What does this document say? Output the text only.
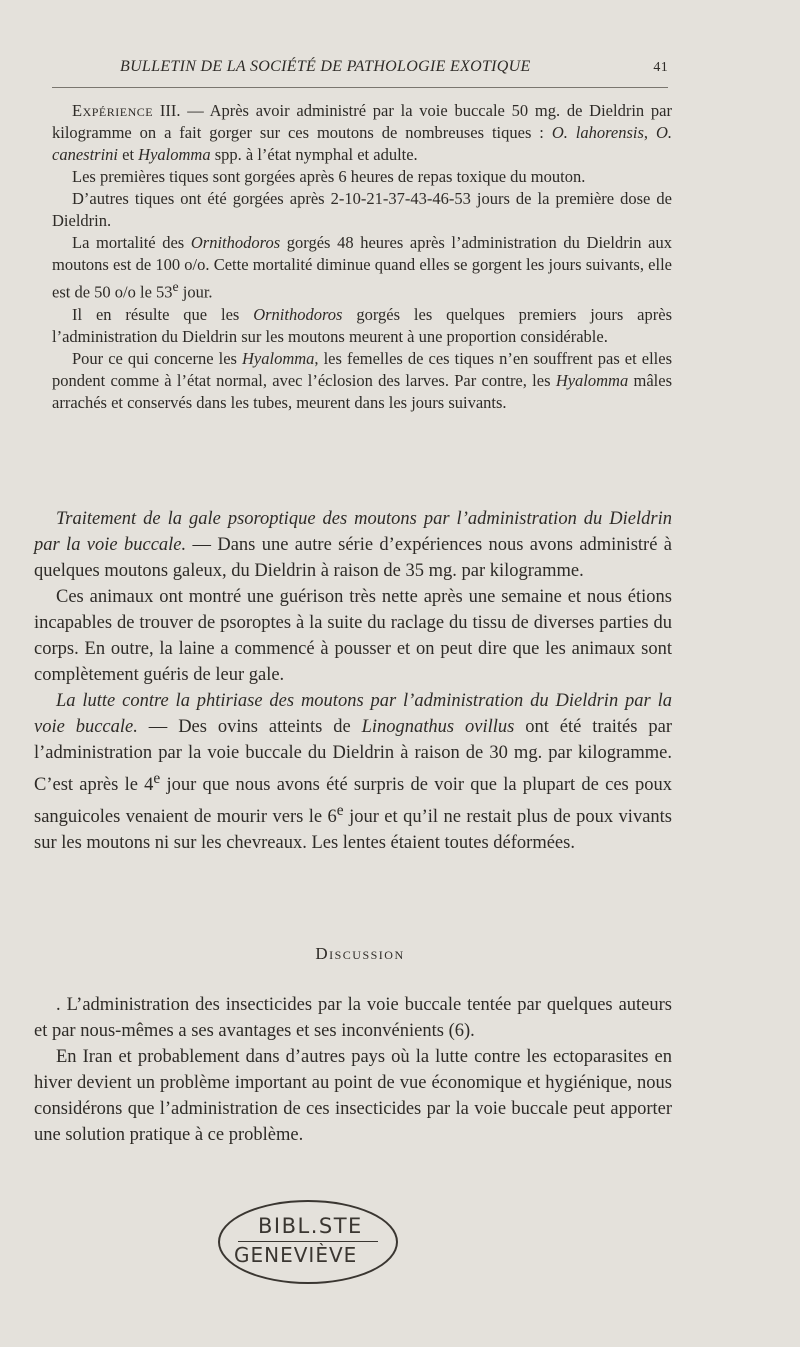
BULLETIN DE LA SOCIÉTÉ DE PATHOLOGIE EXOTIQUE	41

Expérience III. — Après avoir administré par la voie buccale 50 mg. de Dieldrin par kilogramme on a fait gorger sur ces moutons de nombreuses tiques : O. lahorensis, O. canestrini et Hyalomma spp. à l’état nymphal et adulte.

Les premières tiques sont gorgées après 6 heures de repas toxique du mouton.

D’autres tiques ont été gorgées après 2-10-21-37-43-46-53 jours de la première dose de Dieldrin.

La mortalité des Ornithodoros gorgés 48 heures après l’administration du Dieldrin aux moutons est de 100 o/o. Cette mortalité diminue quand elles se gorgent les jours suivants, elle est de 50 o/o le 53e jour.

Il en résulte que les Ornithodoros gorgés les quelques premiers jours après l’administration du Dieldrin sur les moutons meurent à une proportion considérable.

Pour ce qui concerne les Hyalomma, les femelles de ces tiques n’en souffrent pas et elles pondent comme à l’état normal, avec l’éclosion des larves. Par contre, les Hyalomma mâles arrachés et conservés dans les tubes, meurent dans les jours suivants.

Traitement de la gale psoroptique des moutons par l’administration du Dieldrin par la voie buccale. — Dans une autre série d’expériences nous avons administré à quelques moutons galeux, du Dieldrin à raison de 35 mg. par kilogramme.

Ces animaux ont montré une guérison très nette après une semaine et nous étions incapables de trouver de psoroptes à la suite du raclage du tissu de diverses parties du corps. En outre, la laine a commencé à pousser et on peut dire que les animaux sont complètement guéris de leur gale.

La lutte contre la phtiriase des moutons par l’administration du Dieldrin par la voie buccale. — Des ovins atteints de Linognathus ovillus ont été traités par l’administration par la voie buccale du Dieldrin à raison de 30 mg. par kilogramme. C’est après le 4e jour que nous avons été surpris de voir que la plupart de ces poux sanguicoles venaient de mourir vers le 6e jour et qu’il ne restait plus de poux vivants sur les moutons ni sur les chevreaux. Les lentes étaient toutes déformées.

Discussion

. L’administration des insecticides par la voie buccale tentée par quelques auteurs et par nous-mêmes a ses avantages et ses inconvénients (6).

En Iran et probablement dans d’autres pays où la lutte contre les ectoparasites en hiver devient un problème important au point de vue économique et hygiénique, nous considérons que l’administration de ces insecticides par la voie buccale peut apporter une solution pratique à ce problème.

BIBL.STE
GENEVIÈVE
